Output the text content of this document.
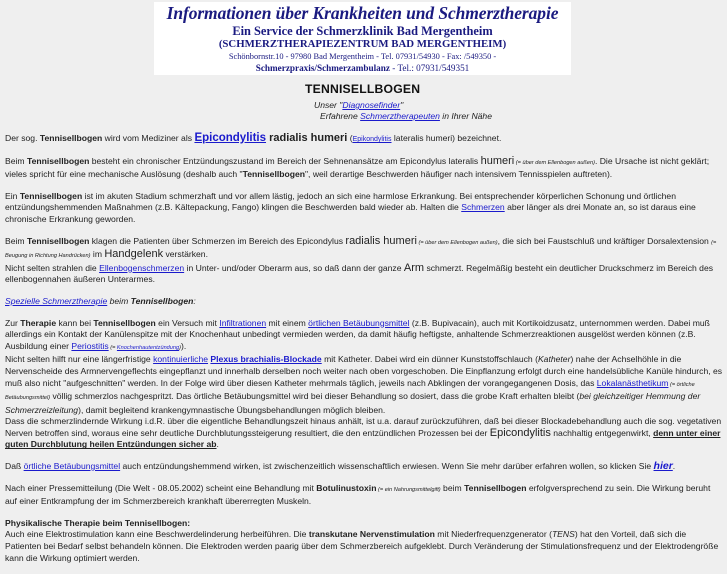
Informationen über Krankheiten und Schmerztherapie
Ein Service der Schmerzklinik Bad Mergentheim
(SCHMERZTHERAPIEZENTRUM BAD MERGENTHEIM)
Schönbornstr.10 - 97980 Bad Mergentheim - Tel. 07931/54930 - Fax: /549350 -
Schmerzpraxis/Schmerzambulanz - Tel.: 07931/549351
TENNISELLBOGEN
Unser "Diagnosefinder"
Erfahrene Schmerztherapeuten in Ihrer Nähe

Der sog. Tennisellbogen wird vom Mediziner als Epicondylitis radialis humeri (Epikondylitis lateralis humeri) bezeichnet.

Beim Tennisellbogen besteht ein chronischer Entzündungszustand im Bereich der Sehnenansätze am Epicondylus lateralis humeri (= über dem Ellenbogen außen). Die Ursache ist nicht geklärt; vieles spricht für eine mechanische Auslösung (deshalb auch "Tennisellbogen", weil derartige Beschwerden häufiger nach intensivem Tennisspielen auftreten).

Ein Tennisellbogen ist im akuten Stadium schmerzhaft und vor allem lästig, jedoch an sich eine harmlose Erkrankung. Bei entsprechender körperlichen Schonung und örtlichen entzündungshemmenden Maßnahmen (z.B. Kältepackung, Fango) klingen die Beschwerden bald wieder ab. Halten die Schmerzen aber länger als drei Monate an, so ist daraus eine chronische Erkrankung geworden.

Beim Tennisellbogen klagen die Patienten über Schmerzen im Bereich des Epicondylus radialis humeri (= über dem Ellenbogen außen), die sich bei Faustschluß und kräftiger Dorsalextension (= Beugung in Richtung Handrücken) im Handgelenk verstärken.
Nicht selten strahlen die Ellenbogenschmerzen in Unter- und/oder Oberarm aus, so daß dann der ganze Arm schmerzt. Regelmäßig besteht ein deutlicher Druckschmerz im Bereich des ellenbogennahen äußeren Unterarmes.

Spezielle Schmerztherapie beim Tennisellbogen:

Zur Therapie kann bei Tennisellbogen ein Versuch mit Infiltrationen mit einem örtlichen Betäubungsmittel (z.B. Bupivacain), auch mit Kortikoidzusatz, unternommen werden. Dabei muß allerdings ein Kontakt der Kanülenspitze mit der Knochenhaut unbedingt vermieden werden, da damit häufig heftigste, anhaltende Schmerzreaktionen ausgelöst werden können (z.B. Ausbildung einer Periostitis (= Knochenhautentzündung)).
Nicht selten hilft nur eine längerfristige kontinuierliche Plexus brachialis-Blockade mit Katheter. Dabei wird ein dünner Kunststoffschlauch (Katheter) nahe der Achselhöhle in die Nervenscheide des Armnervengeflechts eingepflanzt und innerhalb derselben noch weiter nach oben vorgeschoben. Die Einpflanzung erfolgt durch eine handelsübliche Kanüle hindurch, es muß also nicht "aufgeschnitten" werden. In der Folge wird über diesen Katheter mehrmals täglich, jeweils nach Abklingen der vorangegangenen Dosis, das Lokalanästhetikum (= örtliche Betäubungsmittel) völlig schmerzlos nachgespritzt. Das örtliche Betäubungsmittel wird bei dieser Behandlung so dosiert, dass die grobe Kraft erhalten bleibt (bei gleichzeitiger Hemmung der Schmerzreizleitung), damit begleitend krankengymnastische Übungsbehandlungen möglich bleiben.
Dass die schmerzlindernde Wirkung i.d.R. über die eigentliche Behandlungszeit hinaus anhält, ist u.a. darauf zurückzuführen, daß bei dieser Blockadebehandlung auch die sog. vegetativen Nerven betroffen sind, woraus eine sehr deutliche Durchblutungssteigerung resultiert, die den entzündlichen Prozessen bei der Epicondylitis nachhaltig entgegenwirkt, denn unter einer guten Durchblutung heilen Entzündungen sicher ab.

Daß örtliche Betäubungsmittel auch entzündungshemmend wirken, ist zwischenzeitlich wissenschaftlich erwiesen. Wenn Sie mehr darüber erfahren wollen, so klicken Sie hier.

Nach einer Pressemitteilung (Die Welt - 08.05.2002) scheint eine Behandlung mit Botulinustoxin (= ein Nahrungsmittelgift) beim Tennisellbogen erfolgversprechend zu sein. Die Wirkung beruht auf einer Entkrampfung der im Schmerzbereich krankhaft übererregten Muskeln.

Physikalische Therapie beim Tennisellbogen:
Auch eine Elektrostimulation kann eine Beschwerdelinderung herbeiführen. Die transkutane Nervenstimulation mit Niederfrequenzgenerator (TENS) hat den Vorteil, daß sich die Patienten bei Bedarf selbst behandeln können. Die Elektroden werden paarig über dem Schmerzbereich aufgeklebt. Durch Veränderung der Stimulationsfrequenz und der Elektrodengröße kann die Wirkung optimiert werden.
